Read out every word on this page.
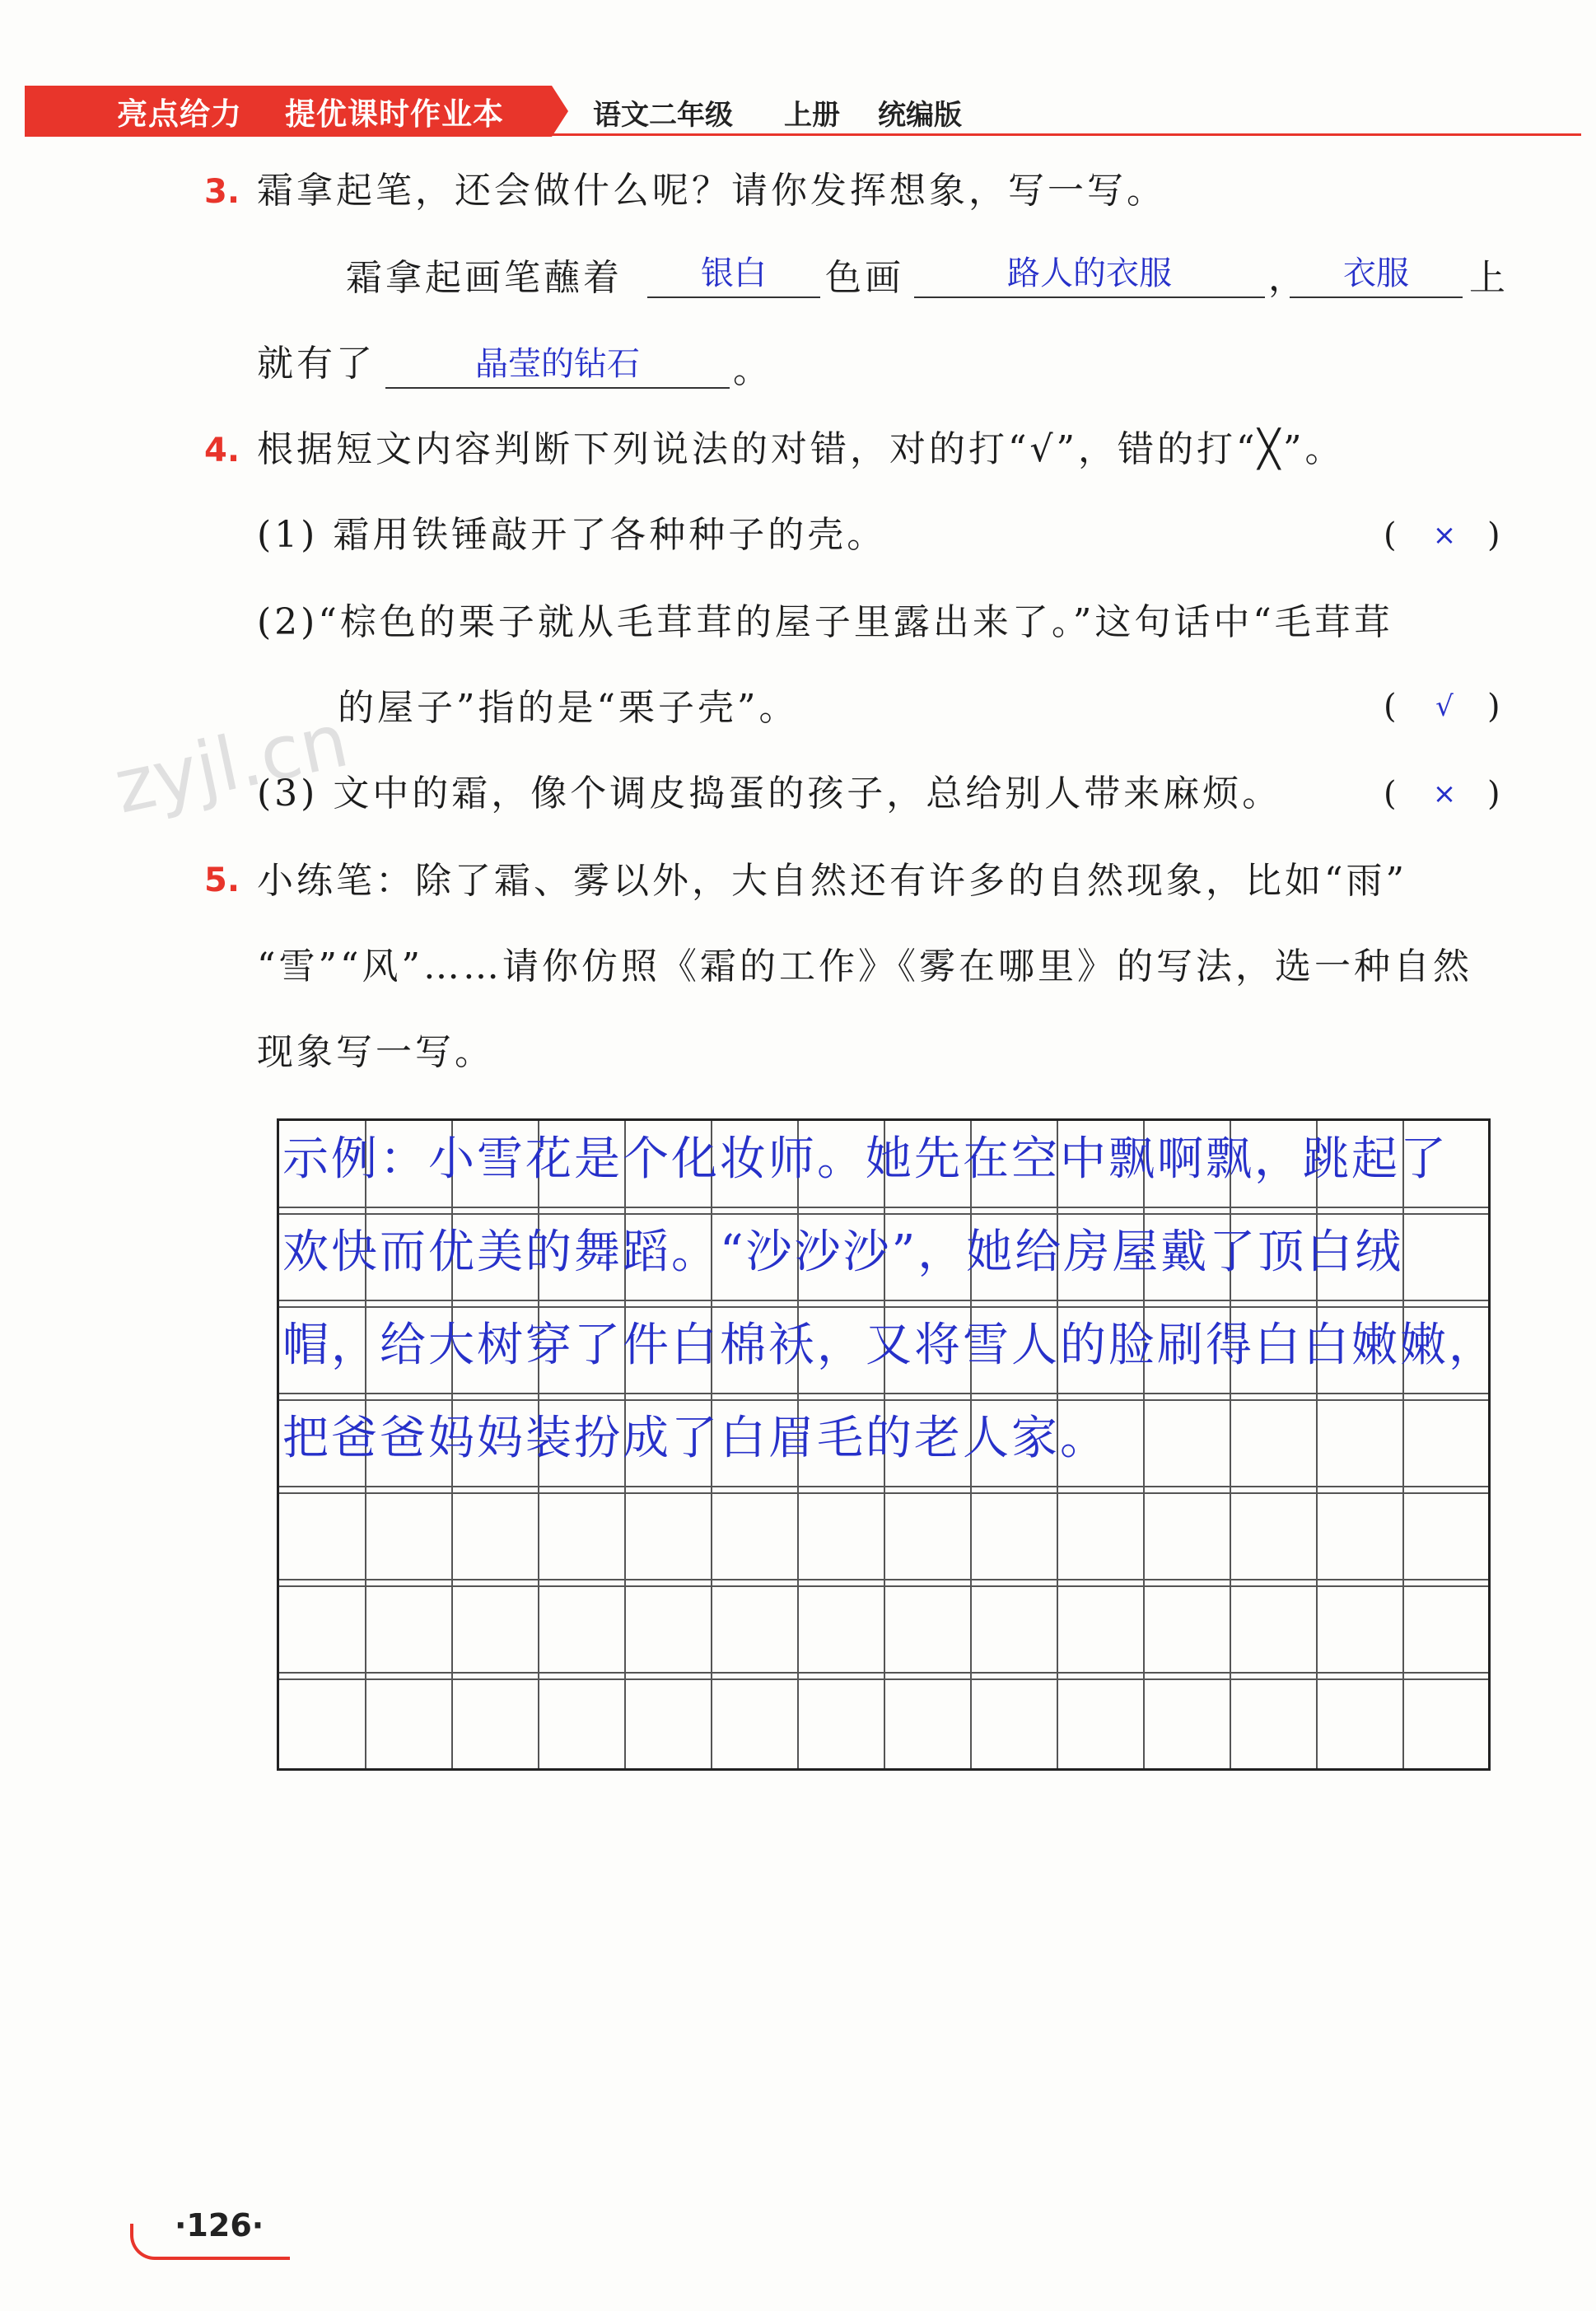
亮点给力 提优课时作业本	语文二年级 上册 统编版
3. 霜拿起笔，还会做什么呢？请你发挥想象，写一写。
霜拿起画笔蘸着	银白	色画	路人的衣服	，	衣服	上
就有了	晶莹的钻石	。
4. 根据短文内容判断下列说法的对错，对的打“√”，错的打“╳”。
(1) 霜用铁锤敲开了各种种子的壳。	(	× )
(2)“棕色的栗子就从毛茸茸的屋子里露出来了。”这句话中“毛茸茸
的屋子”指的是“栗子壳”。	(	√	)
zyjl.cn
(3) 文中的霜，像个调皮捣蛋的孩子，总给别人带来麻烦。	(	× )
5. 小练笔：除了霜、雾以外，大自然还有许多的自然现象，比如“雨”
“雪”“风”……请你仿照《霜的工作》《雾在哪里》的写法，选一种自然
现象写一写。
示例：小雪花是个化妆师。她先在空中飘啊飘，跳起了
欢快而优美的舞蹈。“沙沙沙”，她给房屋戴了顶白绒
帽，给大树穿了件白棉袄，又将雪人的脸刷得白白嫩嫩，
把爸爸妈妈装扮成了白眉毛的老人家。
·126·
